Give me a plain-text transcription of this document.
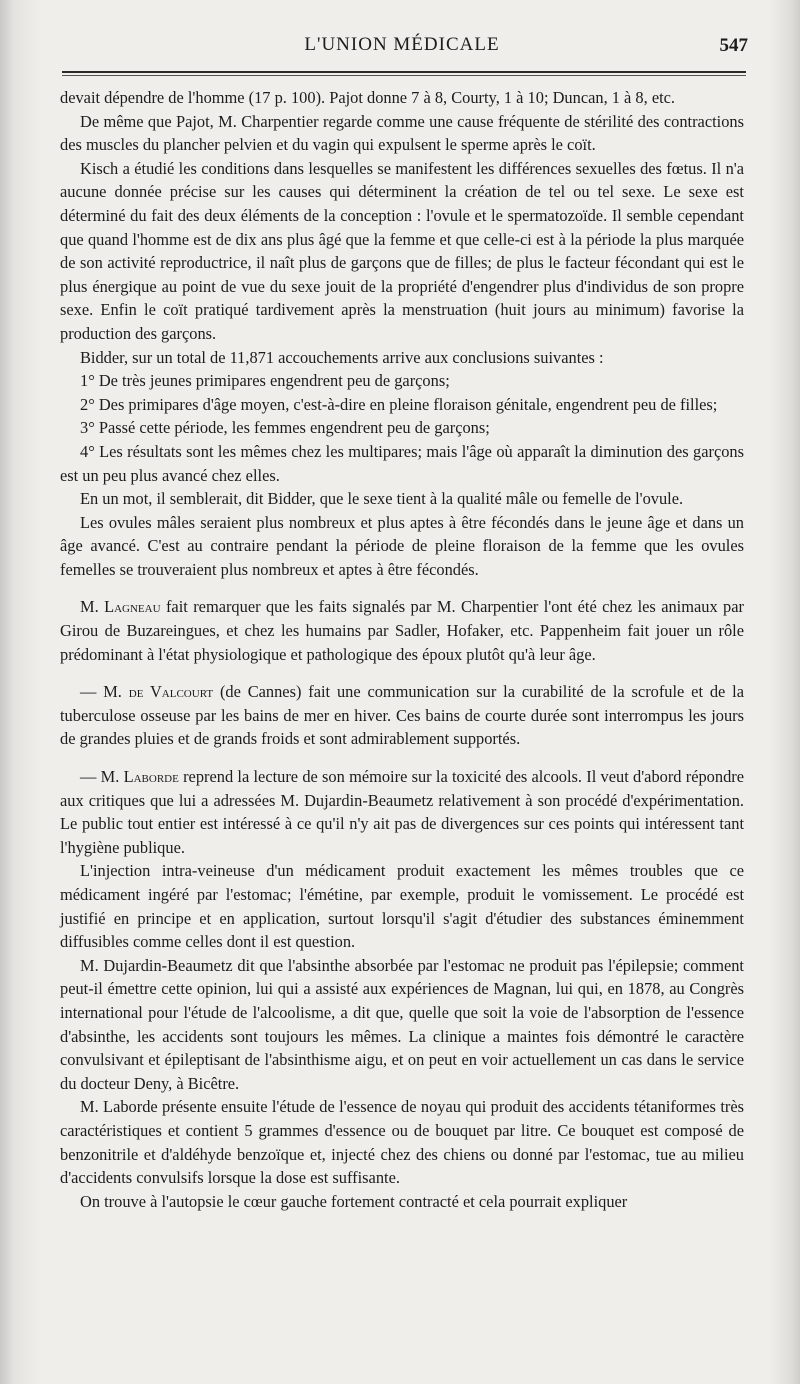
L'UNION MÉDICALE	547

devait dépendre de l'homme (17 p. 100). Pajot donne 7 à 8, Courty, 1 à 10; Duncan, 1 à 8, etc.

De même que Pajot, M. Charpentier regarde comme une cause fréquente de stérilité des contractions des muscles du plancher pelvien et du vagin qui expulsent le sperme après le coït.

Kisch a étudié les conditions dans lesquelles se manifestent les différences sexuelles des fœtus. Il n'a aucune donnée précise sur les causes qui déterminent la création de tel ou tel sexe. Le sexe est déterminé du fait des deux éléments de la conception : l'ovule et le spermatozoïde. Il semble cependant que quand l'homme est de dix ans plus âgé que la femme et que celle-ci est à la période la plus marquée de son activité reproductrice, il naît plus de garçons que de filles; de plus le facteur fécondant qui est le plus énergique au point de vue du sexe jouit de la propriété d'engendrer plus d'individus de son propre sexe. Enfin le coït pratiqué tardivement après la menstruation (huit jours au minimum) favorise la production des garçons.

Bidder, sur un total de 11,871 accouchements arrive aux conclusions suivantes :

1° De très jeunes primipares engendrent peu de garçons;

2° Des primipares d'âge moyen, c'est-à-dire en pleine floraison génitale, engendrent peu de filles;

3° Passé cette période, les femmes engendrent peu de garçons;

4° Les résultats sont les mêmes chez les multipares; mais l'âge où apparaît la diminution des garçons est un peu plus avancé chez elles.

En un mot, il semblerait, dit Bidder, que le sexe tient à la qualité mâle ou femelle de l'ovule.

Les ovules mâles seraient plus nombreux et plus aptes à être fécondés dans le jeune âge et dans un âge avancé. C'est au contraire pendant la période de pleine floraison de la femme que les ovules femelles se trouveraient plus nombreux et aptes à être fécondés.

M. Lagneau fait remarquer que les faits signalés par M. Charpentier l'ont été chez les animaux par Girou de Buzareingues, et chez les humains par Sadler, Hofaker, etc. Pappenheim fait jouer un rôle prédominant à l'état physiologique et pathologique des époux plutôt qu'à leur âge.

— M. de Valcourt (de Cannes) fait une communication sur la curabilité de la scrofule et de la tuberculose osseuse par les bains de mer en hiver. Ces bains de courte durée sont interrompus les jours de grandes pluies et de grands froids et sont admirablement supportés.

— M. Laborde reprend la lecture de son mémoire sur la toxicité des alcools. Il veut d'abord répondre aux critiques que lui a adressées M. Dujardin-Beaumetz relativement à son procédé d'expérimentation. Le public tout entier est intéressé à ce qu'il n'y ait pas de divergences sur ces points qui intéressent tant l'hygiène publique.

L'injection intra-veineuse d'un médicament produit exactement les mêmes troubles que ce médicament ingéré par l'estomac; l'émétine, par exemple, produit le vomissement. Le procédé est justifié en principe et en application, surtout lorsqu'il s'agit d'étudier des substances éminemment diffusibles comme celles dont il est question.

M. Dujardin-Beaumetz dit que l'absinthe absorbée par l'estomac ne produit pas l'épilepsie; comment peut-il émettre cette opinion, lui qui a assisté aux expériences de Magnan, lui qui, en 1878, au Congrès international pour l'étude de l'alcoolisme, a dit que, quelle que soit la voie de l'absorption de l'essence d'absinthe, les accidents sont toujours les mêmes. La clinique a maintes fois démontré le caractère convulsivant et épileptisant de l'absinthisme aigu, et on peut en voir actuellement un cas dans le service du docteur Deny, à Bicêtre.

M. Laborde présente ensuite l'étude de l'essence de noyau qui produit des accidents tétaniformes très caractéristiques et contient 5 grammes d'essence ou de bouquet par litre. Ce bouquet est composé de benzonitrile et d'aldéhyde benzoïque et, injecté chez des chiens ou donné par l'estomac, tue au milieu d'accidents convulsifs lorsque la dose est suffisante.

On trouve à l'autopsie le cœur gauche fortement contracté et cela pourrait expliquer
